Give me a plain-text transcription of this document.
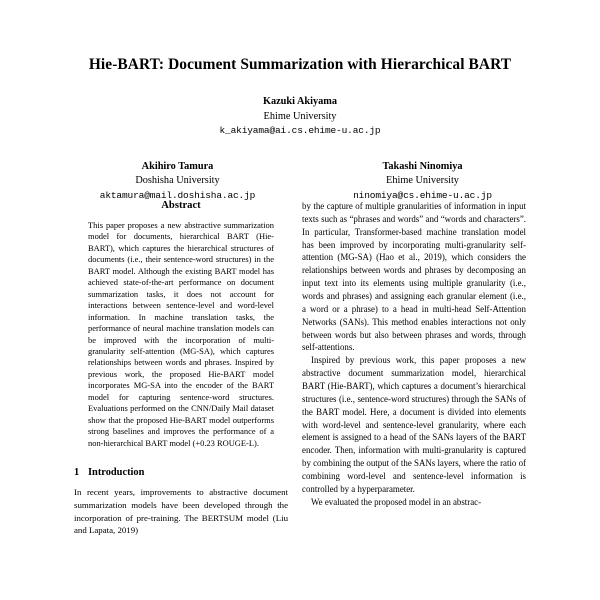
Hie-BART: Document Summarization with Hierarchical BART
Kazuki Akiyama
Ehime University
k_akiyama@ai.cs.ehime-u.ac.jp
Akihiro Tamura
Doshisha University
aktamura@mail.doshisha.ac.jp
Takashi Ninomiya
Ehime University
ninomiya@cs.ehime-u.ac.jp
Abstract

This paper proposes a new abstractive summarization model for documents, hierarchical BART (Hie-BART), which captures the hierarchical structures of documents (i.e., their sentence-word structures) in the BART model. Although the existing BART model has achieved state-of-the-art performance on document summarization tasks, it does not account for interactions between sentence-level and word-level information. In machine translation tasks, the performance of neural machine translation models can be improved with the incorporation of multi-granularity self-attention (MG-SA), which captures relationships between words and phrases. Inspired by previous work, the proposed Hie-BART model incorporates MG-SA into the encoder of the BART model for capturing sentence-word structures. Evaluations performed on the CNN/Daily Mail dataset show that the proposed Hie-BART model outperforms strong baselines and improves the performance of a non-hierarchical BART model (+0.23 ROUGE-L).

1 Introduction

In recent years, improvements to abstractive document summarization models have been developed through the incorporation of pre-training. The BERTSUM model (Liu and Lapata, 2019)

by the capture of multiple granularities of information in input texts such as “phrases and words” and “words and characters”. In particular, Transformer-based machine translation model has been improved by incorporating multi-granularity self-attention (MG-SA) (Hao et al., 2019), which considers the relationships between words and phrases by decomposing an input text into its elements using multiple granularity (i.e., words and phrases) and assigning each granular element (i.e., a word or a phrase) to a head in multi-head Self-Attention Networks (SANs). This method enables interactions not only between words but also between phrases and words, through self-attentions.

Inspired by previous work, this paper proposes a new abstractive document summarization model, hierarchical BART (Hie-BART), which captures a document’s hierarchical structures (i.e., sentence-word structures) through the SANs of the BART model. Here, a document is divided into elements with word-level and sentence-level granularity, where each element is assigned to a head of the SANs layers of the BART encoder. Then, information with multi-granularity is captured by combining the output of the SANs layers, where the ratio of combining word-level and sentence-level information is controlled by a hyperparameter.

We evaluated the proposed model in an abstrac-
